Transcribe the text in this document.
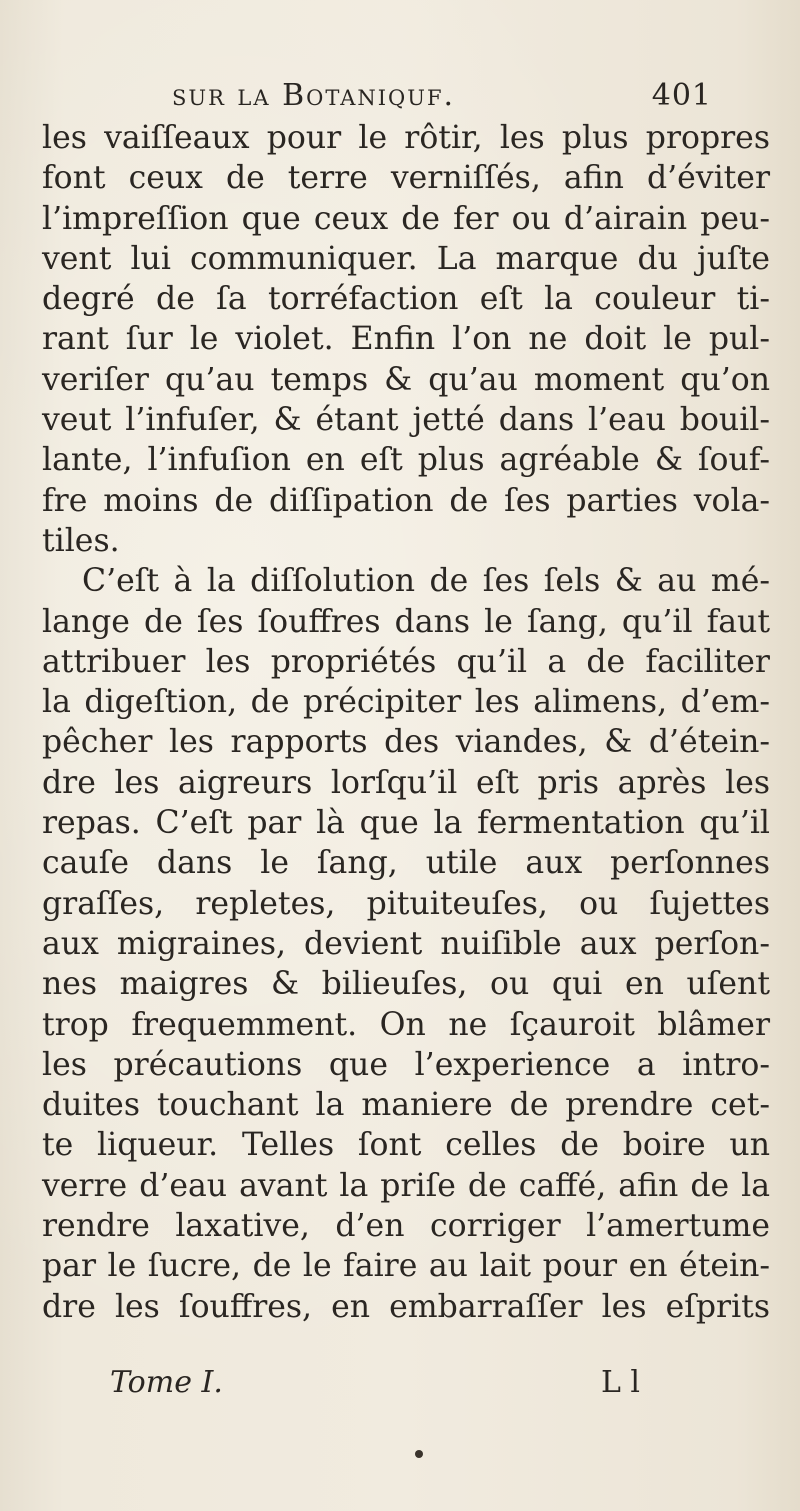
sur la Botaniquf.	401
les vaiſſeaux pour le rôtir, les plus propres
font ceux de terre verniſſés, afin d’éviter
l’impreſſion que ceux de fer ou d’airain peu-
vent lui communiquer. La marque du juſte
degré de ſa torréfaction eſt la couleur ti-
rant ſur le violet. Enfin l’on ne doit le pul-
veriſer qu’au temps & qu’au moment qu’on
veut l’infuſer, & étant jetté dans l’eau bouil-
lante, l’infuſion en eſt plus agréable & ſouf-
fre moins de diſſipation de ſes parties vola-
tiles.
C’eſt à la diſſolution de ſes ſels & au mé-
lange de ſes ſouffres dans le ſang, qu’il faut
attribuer les propriétés qu’il a de faciliter
la digeſtion, de précipiter les alimens, d’em-
pêcher les rapports des viandes, & d’étein-
dre les aigreurs lorſqu’il eſt pris après les
repas. C’eſt par là que la fermentation qu’il
cauſe dans le ſang, utile aux perſonnes
graſſes, repletes, pituiteuſes, ou ſujettes
aux migraines, devient nuiſible aux perſon-
nes maigres & bilieuſes, ou qui en uſent
trop frequemment. On ne ſçauroit blâmer
les précautions que l’experience a intro-
duites touchant la maniere de prendre cet-
te liqueur. Telles ſont celles de boire un
verre d’eau avant la priſe de caffé, afin de la
rendre laxative, d’en corriger l’amertume
par le ſucre, de le faire au lait pour en étein-
dre les ſouffres, en embarraſſer les eſprits
Tome I.	L l
